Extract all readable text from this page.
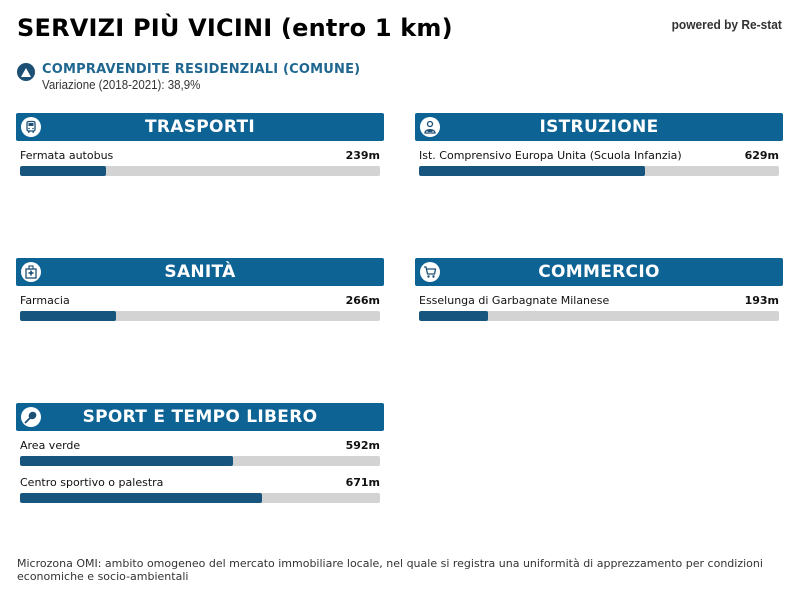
SERVIZI PIÙ VICINI (entro 1 km)	powered by Re-stat
COMPRAVENDITE RESIDENZIALI (COMUNE)
Variazione (2018-2021): 38,9%
TRASPORTI
Fermata autobus	239m
ISTRUZIONE
Ist. Comprensivo Europa Unita (Scuola Infanzia)	629m
SANITÀ
Farmacia	266m
COMMERCIO
Esselunga di Garbagnate Milanese	193m
SPORT E TEMPO LIBERO
Area verde	592m
Centro sportivo o palestra	671m
Microzona OMI: ambito omogeneo del mercato immobiliare locale, nel quale si registra una uniformità di apprezzamento per condizioni economiche e socio-ambientali
